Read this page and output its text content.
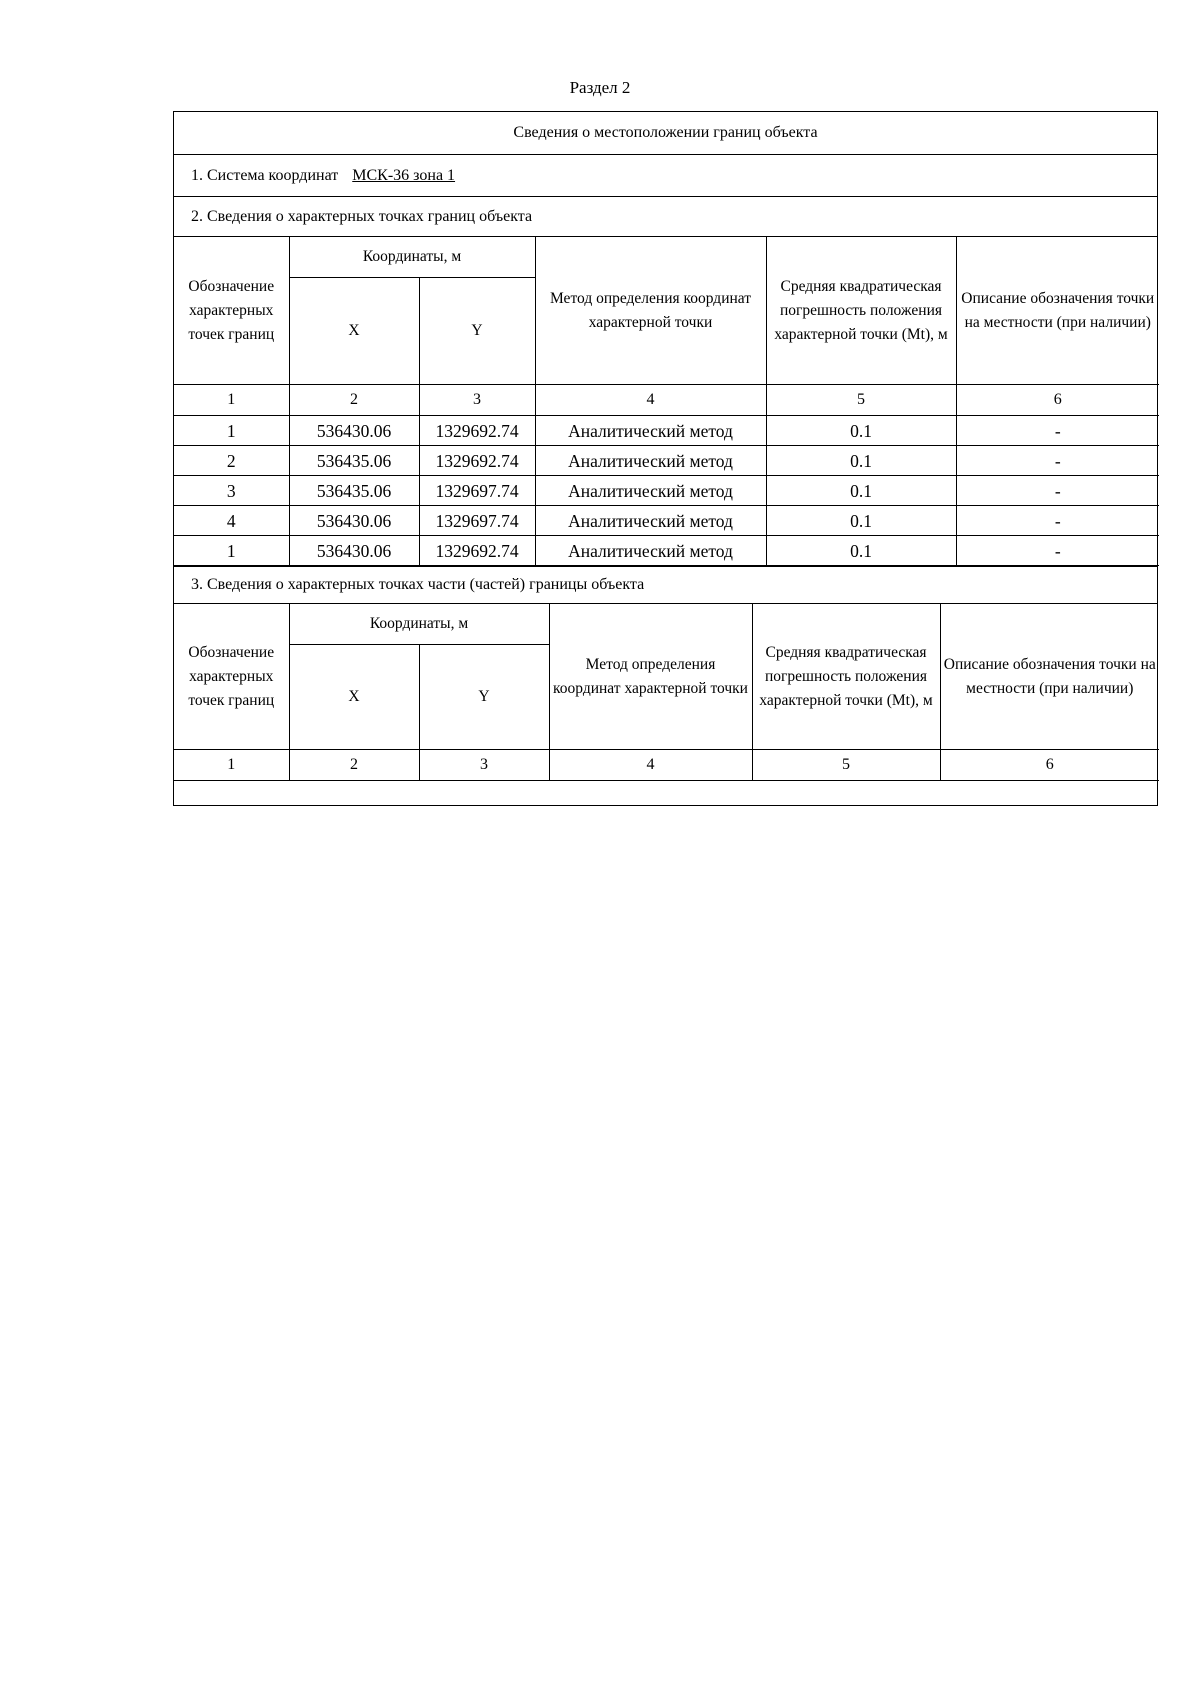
Раздел 2
Сведения о местоположении границ объекта
1. Система координат МСК-36 зона 1
2. Сведения о характерных точках границ объекта
Обозначение характерных точек границ	Координаты, м		Метод определения координат характерной точки	Средняя квадратическая погрешность положения характерной точки (Mt), м	Описание обозначения точки на местности (при наличии)
	X	Y			
1	2	3	4	5	6
1	536430.06	1329692.74	Аналитический метод	0.1	-
2	536435.06	1329692.74	Аналитический метод	0.1	-
3	536435.06	1329697.74	Аналитический метод	0.1	-
4	536430.06	1329697.74	Аналитический метод	0.1	-
1	536430.06	1329692.74	Аналитический метод	0.1	-
3. Сведения о характерных точках части (частей) границы объекта
Обозначение характерных точек границ	Координаты, м		Метод определения координат характерной точки	Средняя квадратическая погрешность положения характерной точки (Mt), м	Описание обозначения точки на местности (при наличии)
	X	Y			
1	2	3	4	5	6
